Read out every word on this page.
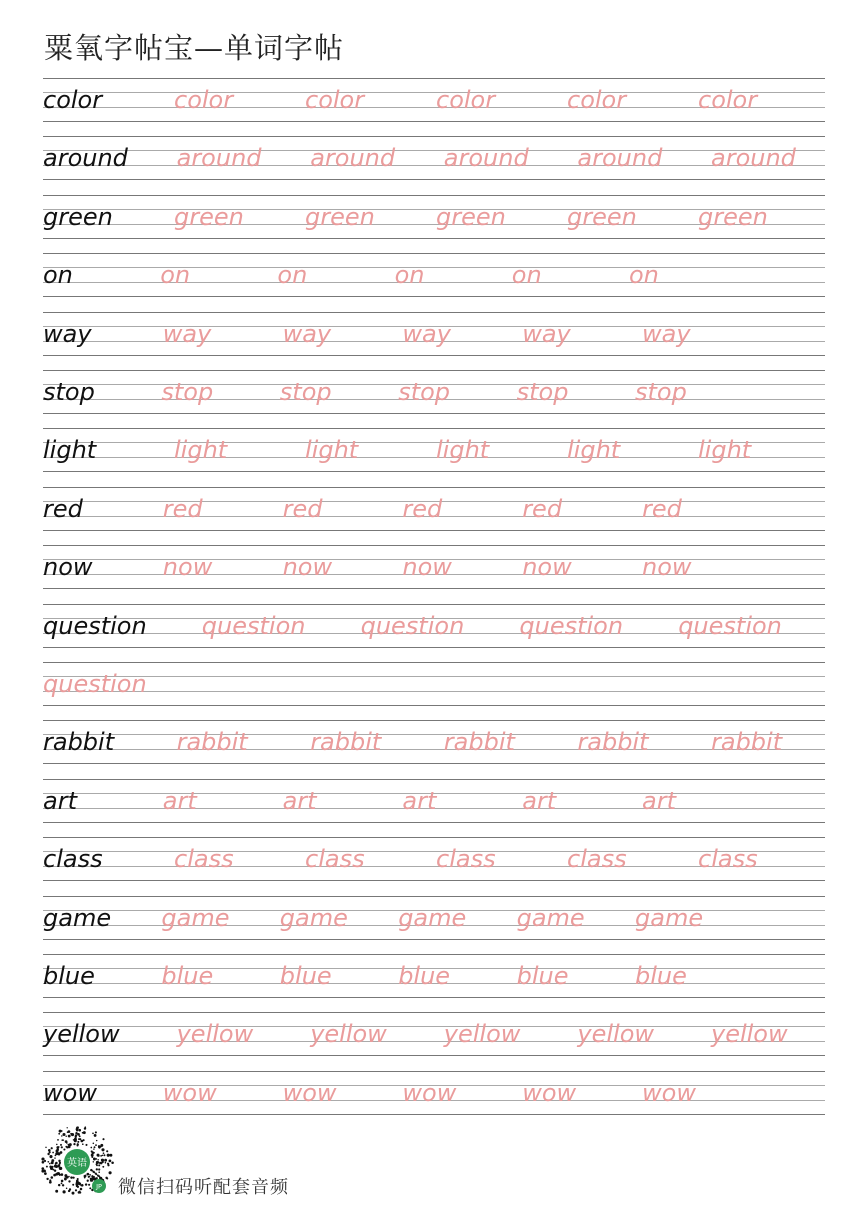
粟氧字帖宝—单词字帖
color	color	color	color	color	color
around around around around around around
green	green	green	green	green	green
on	on	on	on	on	on
way	way	way	way	way	way
stop	stop	stop	stop	stop	stop
light	light	light	light	light	light
red	red	red	red	red	red
now	now	now	now	now	now
question question question question question
question
rabbit	rabbit	rabbit	rabbit	rabbit	rabbit
art	art	art	art	art	art
class	class	class	class	class	class
game game game game game game
blue	blue	blue	blue	blue	blue
yellow yellow yellow yellow yellow yellow
wow	wow	wow	wow	wow	wow
英语
JP 微信扫码听配套音频
